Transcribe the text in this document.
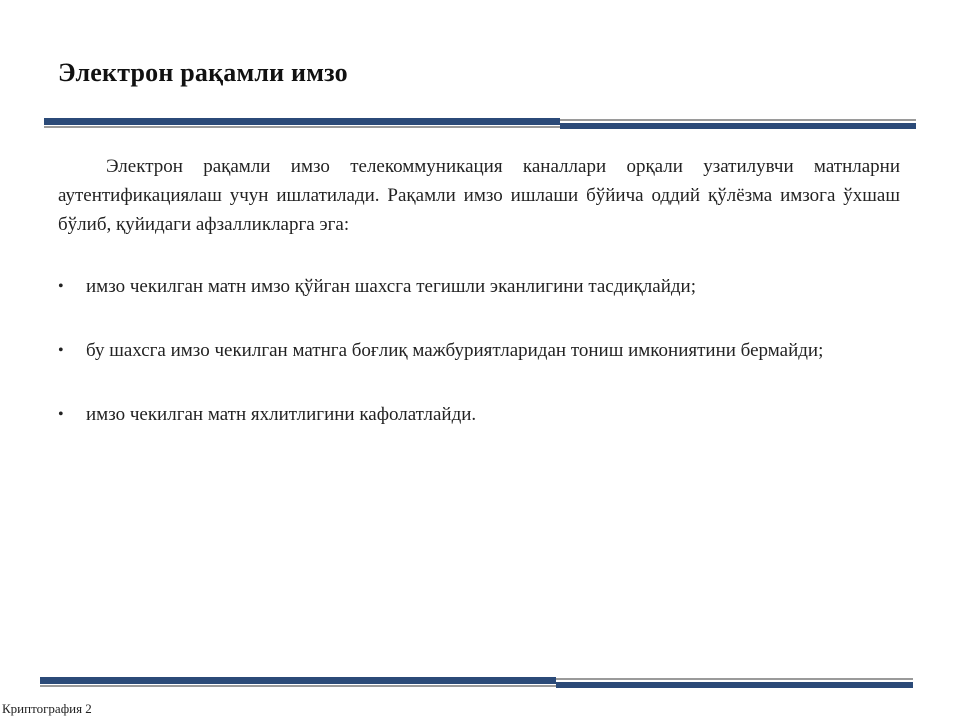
Электрон рақамли имзо

Электрон рақамли имзо телекоммуникация каналлари орқали узатилувчи матнларни аутентификациялаш учун ишлатилади. Рақамли имзо ишлаши бўйича оддий қўлёзма имзога ўхшаш бўлиб, қуйидаги афзалликларга эга:

• имзо чекилган матн имзо қўйган шахсга тегишли эканлигини тасдиқлайди;
• бу шахсга имзо чекилган матнга боғлиқ мажбуриятларидан тониш имкониятини бермайди;
• имзо чекилган матн яхлитлигини кафолатлайди.
Криптография 2
